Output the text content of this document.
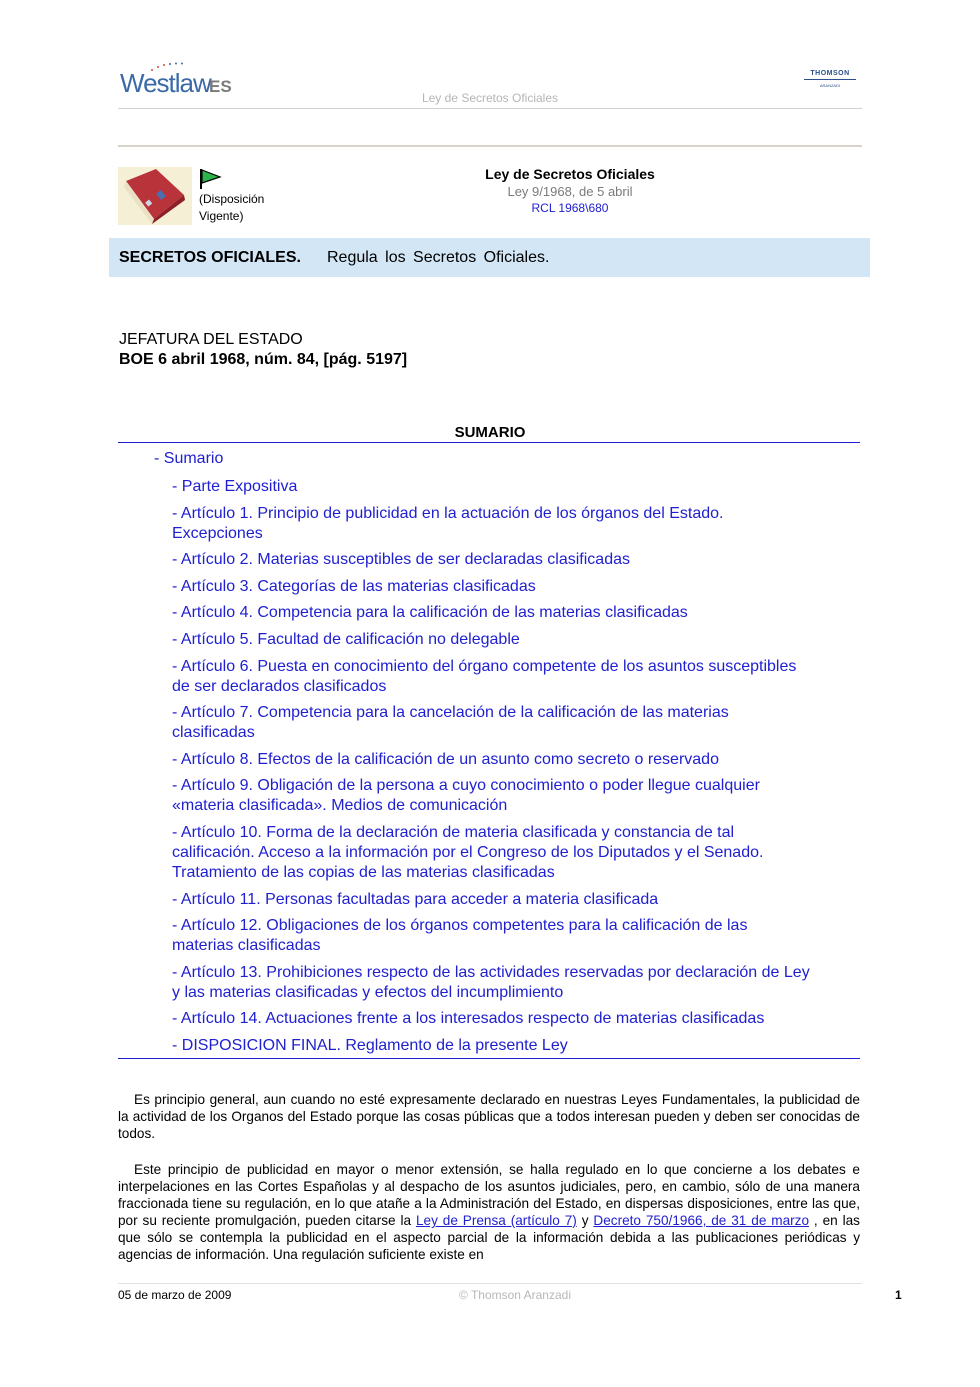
Westlaw
ES
THOMSON
ARANZADI
Ley de Secretos Oficiales
(Disposición
Vigente)
Ley de Secretos Oficiales
Ley 9/1968, de 5 abril
RCL 1968\680
SECRETOS OFICIALES. Regula los Secretos Oficiales.
JEFATURA DEL ESTADO
BOE 6 abril 1968, núm. 84, [pág. 5197]
SUMARIO
- Sumario
- Parte Expositiva
- Artículo 1. Principio de publicidad en la actuación de los órganos del Estado. Excepciones
- Artículo 2. Materias susceptibles de ser declaradas clasificadas
- Artículo 3. Categorías de las materias clasificadas
- Artículo 4. Competencia para la calificación de las materias clasificadas
- Artículo 5. Facultad de calificación no delegable
- Artículo 6. Puesta en conocimiento del órgano competente de los asuntos susceptibles de ser declarados clasificados
- Artículo 7. Competencia para la cancelación de la calificación de las materias clasificadas
- Artículo 8. Efectos de la calificación de un asunto como secreto o reservado
- Artículo 9. Obligación de la persona a cuyo conocimiento o poder llegue cualquier «materia clasificada». Medios de comunicación
- Artículo 10. Forma de la declaración de materia clasificada y constancia de tal calificación. Acceso a la información por el Congreso de los Diputados y el Senado. Tratamiento de las copias de las materias clasificadas
- Artículo 11. Personas facultadas para acceder a materia clasificada
- Artículo 12. Obligaciones de los órganos competentes para la calificación de las materias clasificadas
- Artículo 13. Prohibiciones respecto de las actividades reservadas por declaración de Ley y las materias clasificadas y efectos del incumplimiento
- Artículo 14. Actuaciones frente a los interesados respecto de materias clasificadas
- DISPOSICION FINAL. Reglamento de la presente Ley

Es principio general, aun cuando no esté expresamente declarado en nuestras Leyes Fundamentales, la publicidad de la actividad de los Organos del Estado porque las cosas públicas que a todos interesan pueden y deben ser conocidas de todos.

Este principio de publicidad en mayor o menor extensión, se halla regulado en lo que concierne a los debates e interpelaciones en las Cortes Españolas y al despacho de los asuntos judiciales, pero, en cambio, sólo de una manera fraccionada tiene su regulación, en lo que atañe a la Administración del Estado, en dispersas disposiciones, entre las que, por su reciente promulgación, pueden citarse la Ley de Prensa (artículo 7) y Decreto 750/1966, de 31 de marzo , en las que sólo se contempla la publicidad en el aspecto parcial de la información debida a las publicaciones periódicas y agencias de información. Una regulación suficiente existe en

05 de marzo de 2009	© Thomson Aranzadi	1
